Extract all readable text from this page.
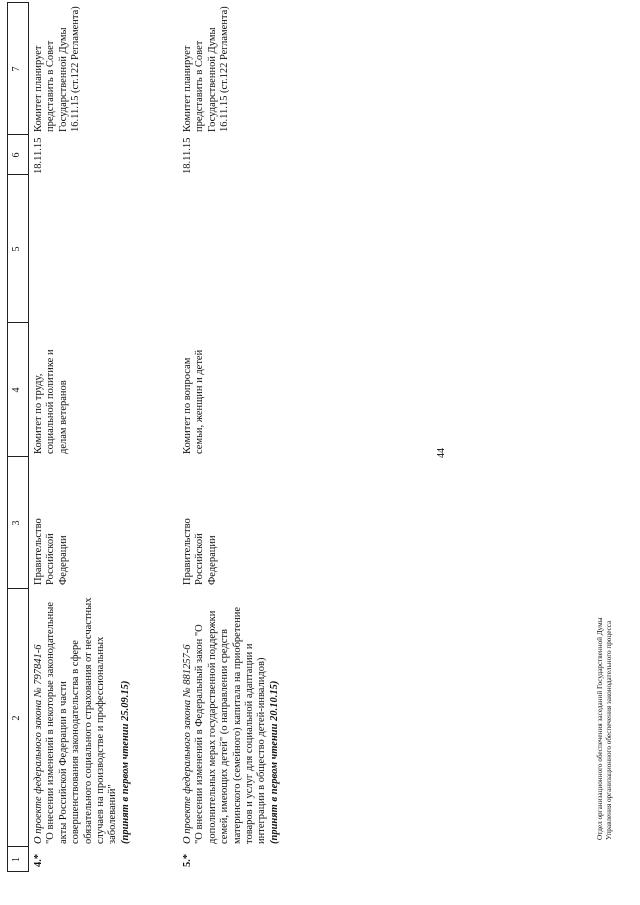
44
1
2
3
4
5
6
7
4.*

О проекте федерального закона № 797841-6 "О внесении изменений в некоторые законодательные акты Российской Федерации в части совершенствования законодательства в сфере обязательного социального страхования от несчастных случаев на производстве и профессиональных заболеваний" (принят в первом чтении 25.09.15)

Правительство Российской Федерации
Комитет по труду, социальной политике и делам ветеранов
18.11.15
Комитет планирует представить в Совет Государственной Думы 16.11.15 (ст.122 Регламента)
5.*

О проекте федерального закона № 881257-6 "О внесении изменений в Федеральный закон "О дополнительных мерах государственной поддержки семей, имеющих детей" (о направлении средств материнского (семейного) капитала на приобретение товаров и услуг для социальной адаптации и интеграции в общество детей-инвалидов) (принят в первом чтении 20.10.15)

Правительство Российской Федерации
Комитет по вопросам семьи, женщин и детей
18.11.15
Комитет планирует представить в Совет Государственной Думы 16.11.15 (ст.122 Регламента)
Отдел организационного обеспечения заседаний Государственной Думы Управления организационного обеспечения законодательного процесса
